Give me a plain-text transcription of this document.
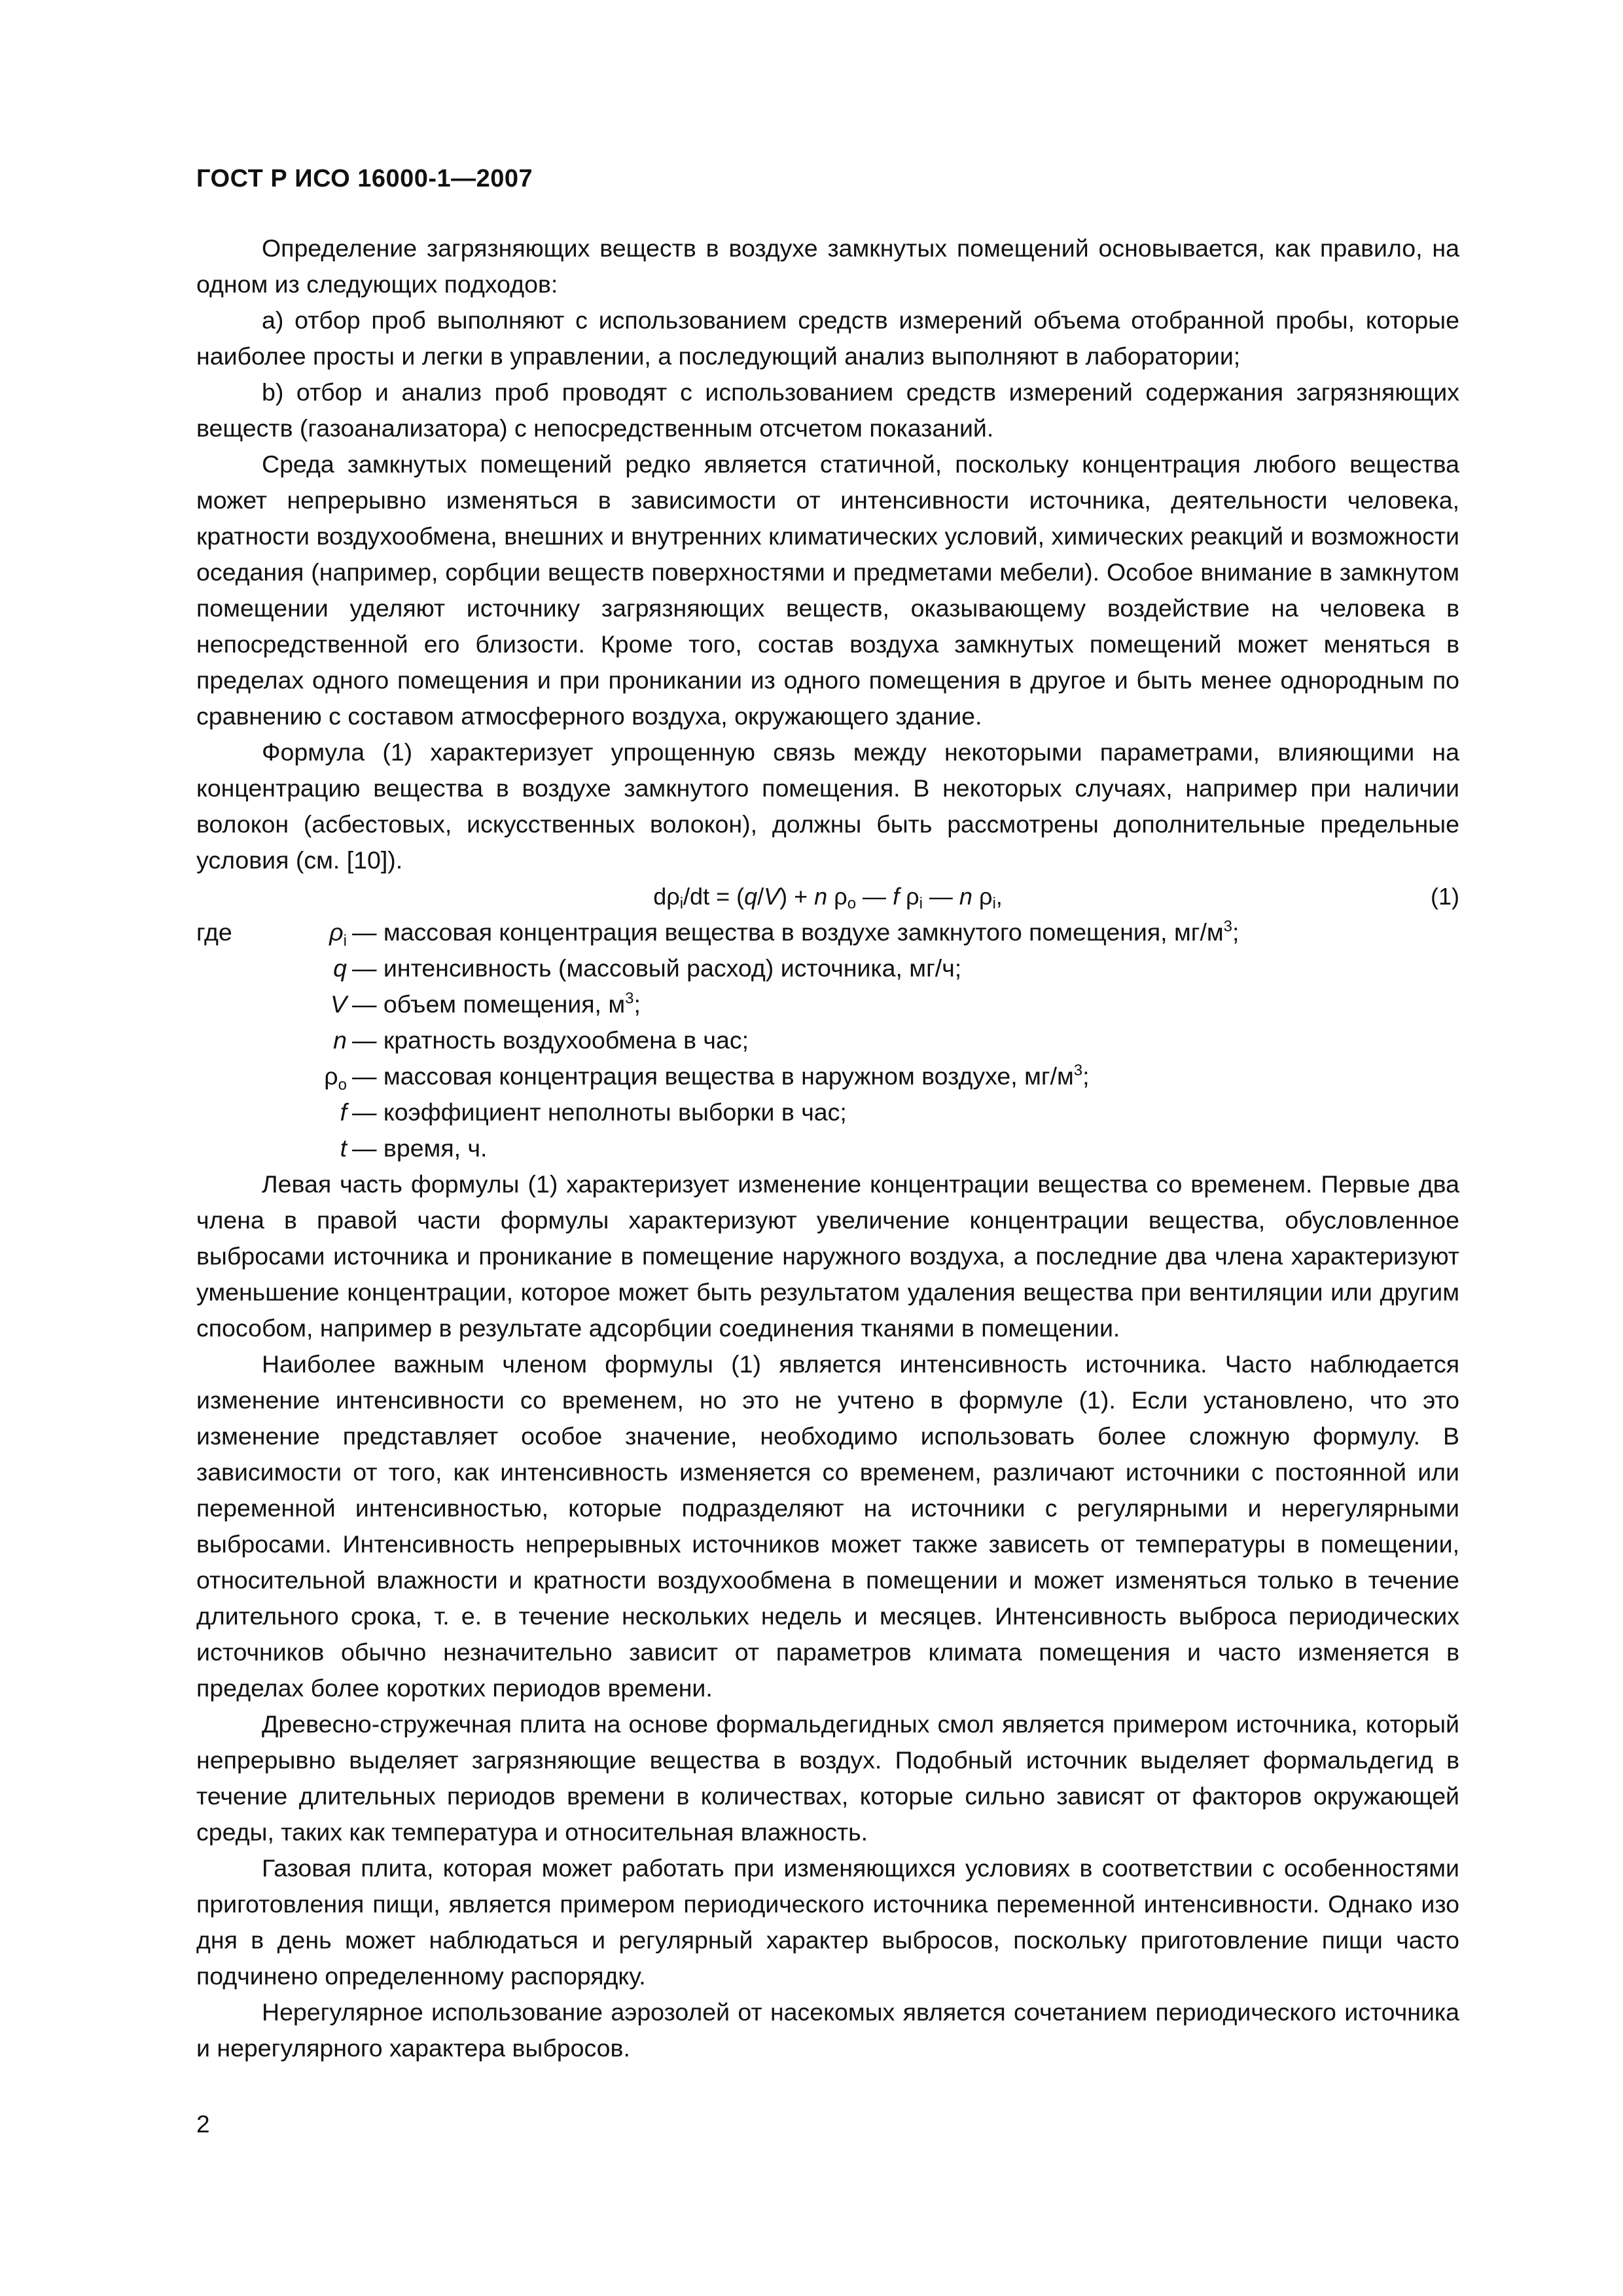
ГОСТ Р ИСО 16000-1—2007

Определение загрязняющих веществ в воздухе замкнутых помещений основывается, как правило, на одном из следующих подходов:

a) отбор проб выполняют с использованием средств измерений объема отобранной пробы, которые наиболее просты и легки в управлении, а последующий анализ выполняют в лаборатории;

b) отбор и анализ проб проводят с использованием средств измерений содержания загрязняющих веществ (газоанализатора) с непосредственным отсчетом показаний.

Среда замкнутых помещений редко является статичной, поскольку концентрация любого вещества может непрерывно изменяться в зависимости от интенсивности источника, деятельности человека, кратности воздухообмена, внешних и внутренних климатических условий, химических реакций и возможности оседания (например, сорбции веществ поверхностями и предметами мебели). Особое внимание в замкнутом помещении уделяют источнику загрязняющих веществ, оказывающему воздействие на человека в непосредственной его близости. Кроме того, состав воздуха замкнутых помещений может меняться в пределах одного помещения и при проникании из одного помещения в другое и быть менее однородным по сравнению с составом атмосферного воздуха, окружающего здание.

Формула (1) характеризует упрощенную связь между некоторыми параметрами, влияющими на концентрацию вещества в воздухе замкнутого помещения. В некоторых случаях, например при наличии волокон (асбестовых, искусственных волокон), должны быть рассмотрены дополнительные предельные условия (см. [10]).

$d\rho_i/dt = (q/V) + n$ $\rho_o$ — f $\rho_i$ — n $\rho_i$,	(1)
где	$\rho_i$ — массовая концентрация вещества в воздухе замкнутого помещения, $мг/м^3$;
q — интенсивность (массовый расход) источника, мг/ч;
V — объем помещения, $м^3$;
n — кратность воздухообмена в час;
$\rho_o$ — массовая концентрация вещества в наружном воздухе, $мг/м^3$;
f — коэффициент неполноты выборки в час;
t — время, ч.

Левая часть формулы (1) характеризует изменение концентрации вещества со временем. Первые два члена в правой части формулы характеризуют увеличение концентрации вещества, обусловленное выбросами источника и проникание в помещение наружного воздуха, а последние два члена характеризуют уменьшение концентрации, которое может быть результатом удаления вещества при вентиляции или другим способом, например в результате адсорбции соединения тканями в помещении.

Наиболее важным членом формулы (1) является интенсивность источника. Часто наблюдается изменение интенсивности со временем, но это не учтено в формуле (1). Если установлено, что это изменение представляет особое значение, необходимо использовать более сложную формулу. В зависимости от того, как интенсивность изменяется со временем, различают источники с постоянной или переменной интенсивностью, которые подразделяют на источники с регулярными и нерегулярными выбросами. Интенсивность непрерывных источников может также зависеть от температуры в помещении, относительной влажности и кратности воздухообмена в помещении и может изменяться только в течение длительного срока, т. е. в течение нескольких недель и месяцев. Интенсивность выброса периодических источников обычно незначительно зависит от параметров климата помещения и часто изменяется в пределах более коротких периодов времени.

Древесно-стружечная плита на основе формальдегидных смол является примером источника, который непрерывно выделяет загрязняющие вещества в воздух. Подобный источник выделяет формальдегид в течение длительных периодов времени в количествах, которые сильно зависят от факторов окружающей среды, таких как температура и относительная влажность.

Газовая плита, которая может работать при изменяющихся условиях в соответствии с особенностями приготовления пищи, является примером периодического источника переменной интенсивности. Однако изо дня в день может наблюдаться и регулярный характер выбросов, поскольку приготовление пищи часто подчинено определенному распорядку.

Нерегулярное использование аэрозолей от насекомых является сочетанием периодического источника и нерегулярного характера выбросов.

2
